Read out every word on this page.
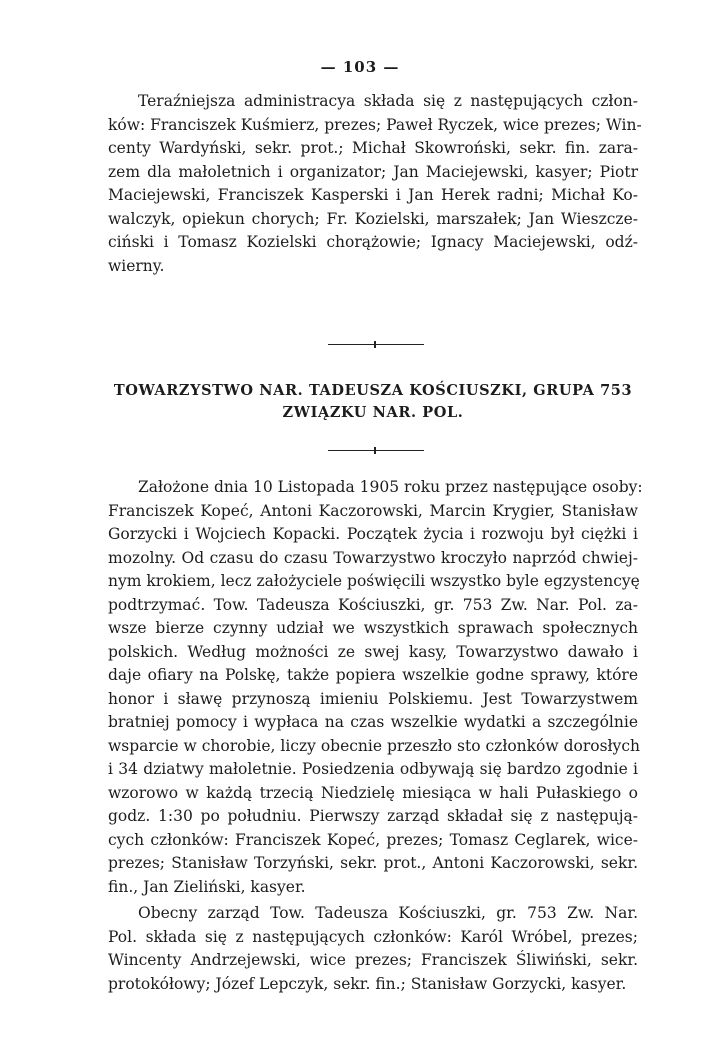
— 103 —
Teraźniejsza administracya składa się z następujących człon-
ków: Franciszek Kuśmierz, prezes; Paweł Ryczek, wice prezes; Win-
centy Wardyński, sekr. prot.; Michał Skowroński, sekr. fin. zara-
zem dla małoletnich i organizator; Jan Maciejewski, kasyer; Piotr
Maciejewski, Franciszek Kasperski i Jan Herek radni; Michał Ko-
walczyk, opiekun chorych; Fr. Kozielski, marszałek; Jan Wieszcze-
ciński i Tomasz Kozielski chorążowie; Ignacy Maciejewski, odź-
wierny.
TOWARZYSTWO NAR. TADEUSZA KOŚCIUSZKI, GRUPA 753
ZWIĄZKU NAR. POL.
Założone dnia 10 Listopada 1905 roku przez następujące osoby:
Franciszek Kopeć, Antoni Kaczorowski, Marcin Krygier, Stanisław
Gorzycki i Wojciech Kopacki. Początek życia i rozwoju był ciężki i
mozolny. Od czasu do czasu Towarzystwo kroczyło naprzód chwiej-
nym krokiem, lecz założyciele poświęcili wszystko byle egzystencyę
podtrzymać. Tow. Tadeusza Kościuszki, gr. 753 Zw. Nar. Pol. za-
wsze bierze czynny udział we wszystkich sprawach społecznych
polskich. Według możności ze swej kasy, Towarzystwo dawało i
daje ofiary na Polskę, także popiera wszelkie godne sprawy, które
honor i sławę przynoszą imieniu Polskiemu. Jest Towarzystwem
bratniej pomocy i wypłaca na czas wszelkie wydatki a szczególnie
wsparcie w chorobie, liczy obecnie przeszło sto członków dorosłych
i 34 dziatwy małoletnie. Posiedzenia odbywają się bardzo zgodnie i
wzorowo w każdą trzecią Niedzielę miesiąca w hali Pułaskiego o
godz. 1:30 po południu. Pierwszy zarząd składał się z następują-
cych członków: Franciszek Kopeć, prezes; Tomasz Ceglarek, wice-
prezes; Stanisław Torzyński, sekr. prot., Antoni Kaczorowski, sekr.
fin., Jan Zieliński, kasyer.
Obecny zarząd Tow. Tadeusza Kościuszki, gr. 753 Zw. Nar.
Pol. składa się z następujących członków: Karól Wróbel, prezes;
Wincenty Andrzejewski, wice prezes; Franciszek Śliwiński, sekr.
protokółowy; Józef Lepczyk, sekr. fin.; Stanisław Gorzycki, kasyer.
